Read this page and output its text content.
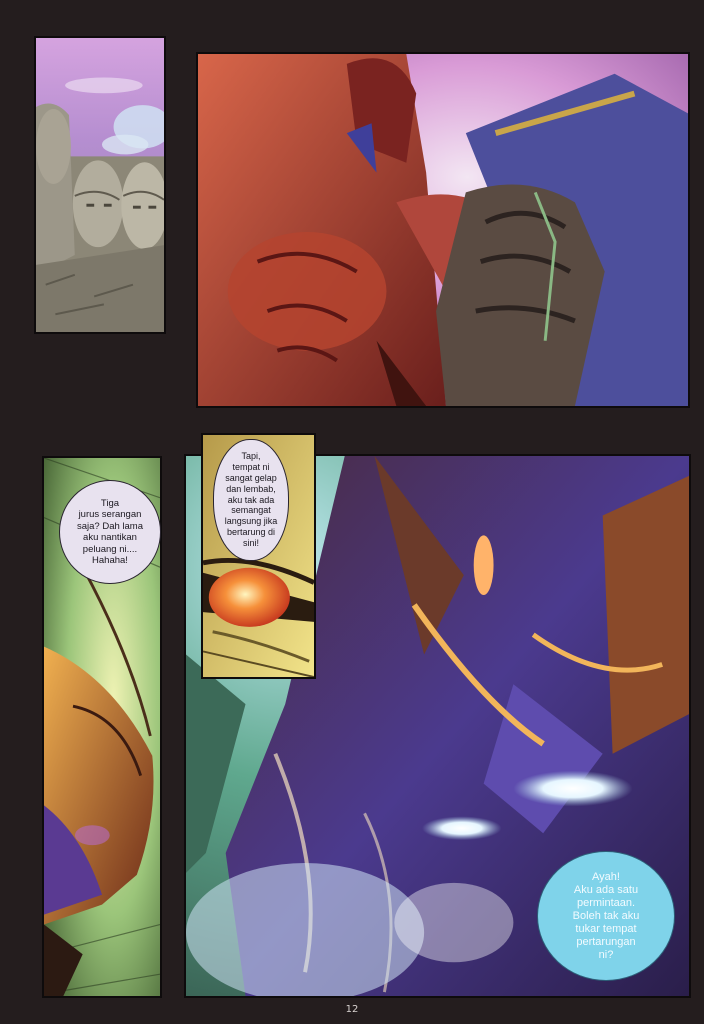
Tiga
jurus serangan
saja? Dah lama
aku nantikan
peluang ni....
Hahaha!
Tapi,
tempat ni
sangat gelap
dan lembab,
aku tak ada
semangat
langsung jika
bertarung di
sini!
Ayah!
Aku ada satu
permintaan.
Boleh tak aku
tukar tempat
pertarungan
ni?
12
